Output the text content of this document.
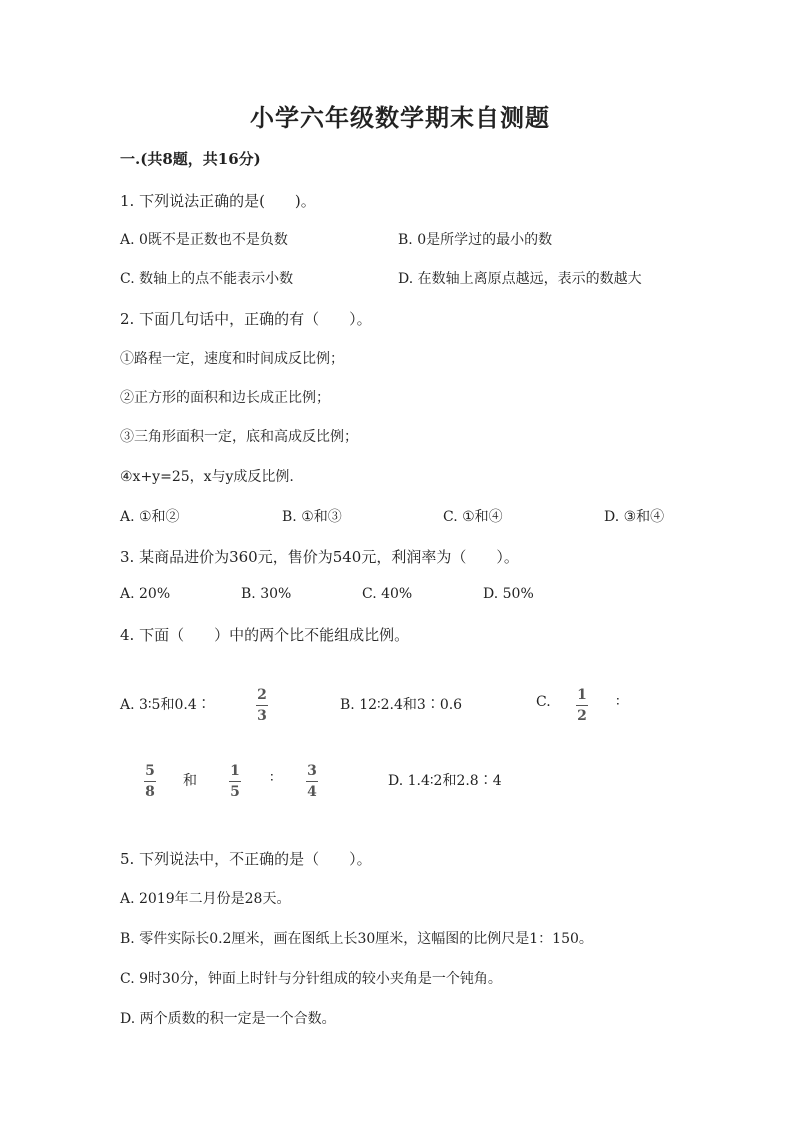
小学六年级数学期末自测题
一.(共8题，共16分)
1. 下列说法正确的是(　　)。
A. 0既不是正数也不是负数	B. 0是所学过的最小的数
C. 数轴上的点不能表示小数	D. 在数轴上离原点越远，表示的数越大
2. 下面几句话中，正确的有（　　）。
①路程一定，速度和时间成反比例；
②正方形的面积和边长成正比例；
③三角形面积一定，底和高成反比例；
④x+y=25，x与y成反比例.
A. ①和②	B. ①和③	C. ①和④	D. ③和④
3. 某商品进价为360元，售价为540元，利润率为（　　）。
A. 20%	B. 30%	C. 40%	D. 50%
4. 下面（　　）中的两个比不能组成比例。
A. 3∶5和0.4∶
2
3
B. 12∶2.4和3∶0.6	C. 1
2
∶
5
8
和
1
5
∶ 3
4
D. 1.4∶2和2.8∶4
5. 下列说法中，不正确的是（　　）。
A. 2019年二月份是28天。
B. 零件实际长0.2厘米，画在图纸上长30厘米，这幅图的比例尺是1：150。
C. 9时30分，钟面上时针与分针组成的较小夹角是一个钝角。
D. 两个质数的积一定是一个合数。
